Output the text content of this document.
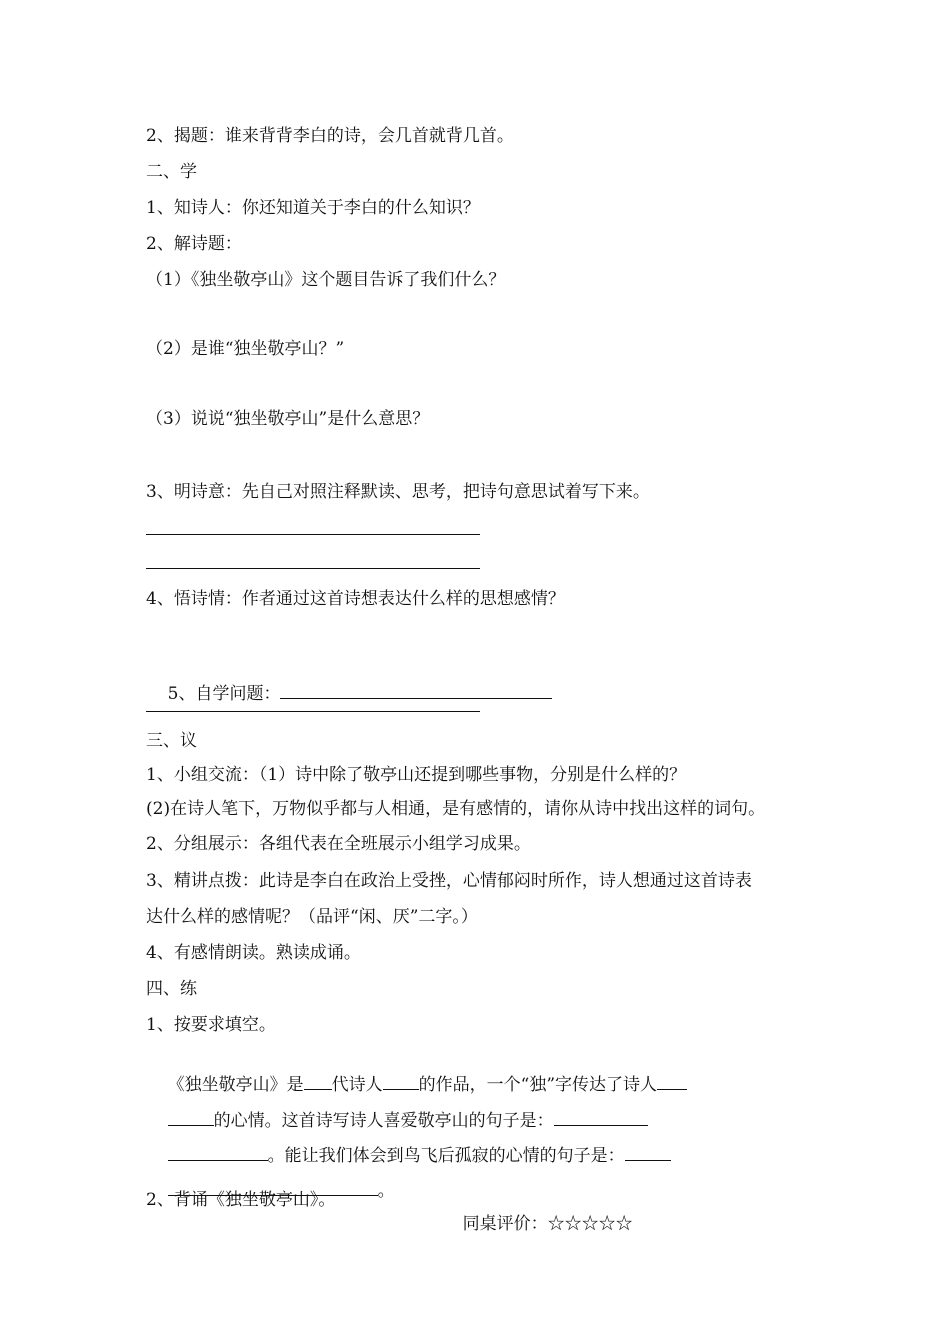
2、揭题：谁来背背李白的诗，会几首就背几首。
二、学
1、知诗人：你还知道关于李白的什么知识？
2、解诗题：
（1）《独坐敬亭山》这个题目告诉了我们什么？
（2）是谁“独坐敬亭山？”
（3）说说“独坐敬亭山”是什么意思？
3、明诗意：先自己对照注释默读、思考，把诗句意思试着写下来。
4、悟诗情：作者通过这首诗想表达什么样的思想感情？

5、自学问题：

三、议
1、小组交流：（1）诗中除了敬亭山还提到哪些事物，分别是什么样的？
(2)在诗人笔下，万物似乎都与人相通，是有感情的，请你从诗中找出这样的词句。
2、分组展示：各组代表在全班展示小组学习成果。
3、精讲点拨：此诗是李白在政治上受挫，心情郁闷时所作，诗人想通过这首诗表
达什么样的感情呢？（品评“闲、厌”二字。）
4、有感情朗读。熟读成诵。
四、练
1、按要求填空。

《独坐敬亭山》是 代诗人 的作品，一个“独”字传达了诗人

的心情。这首诗写诗人喜爱敬亭山的句子是：

。能让我们体会到鸟飞后孤寂的心情的句子是：

。

2、背诵《独坐敬亭山》。

同桌评价：☆☆☆☆☆
